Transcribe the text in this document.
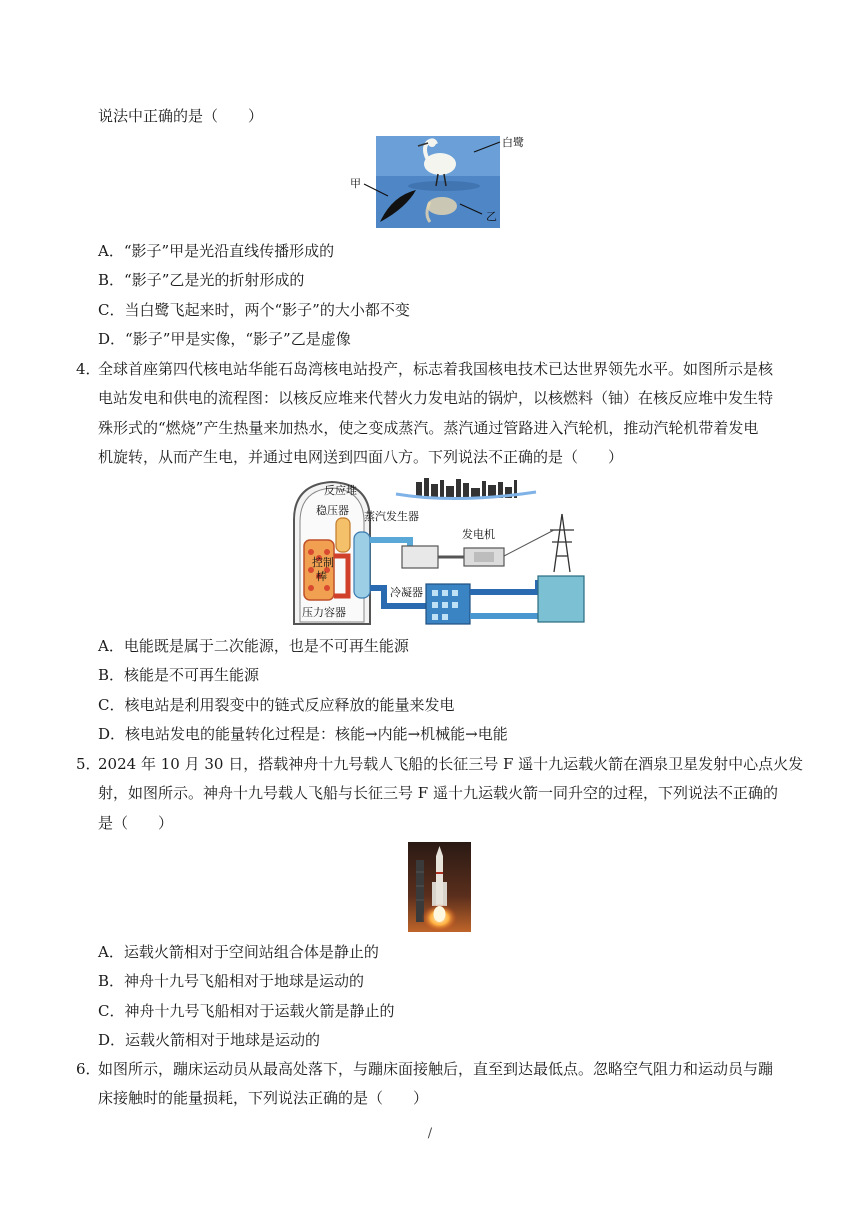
说法中正确的是（　　）
白鹭
甲
乙
A．“影子”甲是光沿直线传播形成的
B．“影子”乙是光的折射形成的
C．当白鹭飞起来时，两个“影子”的大小都不变
D．“影子”甲是实像，“影子”乙是虚像
4．
全球首座第四代核电站华能石岛湾核电站投产，标志着我国核电技术已达世界领先水平。如图所示是核
电站发电和供电的流程图：以核反应堆来代替火力发电站的锅炉，以核燃料（铀）在核反应堆中发生特
殊形式的“燃烧”产生热量来加热水，使之变成蒸汽。蒸汽通过管路进入汽轮机，推动汽轮机带着发电
机旋转，从而产生电，并通过电网送到四面八方。下列说法不正确的是（　　）
反应堆
稳压器 蒸汽发生器
发电机
控制
棒
冷凝器
压力容器
A．电能既是属于二次能源，也是不可再生能源
B．核能是不可再生能源
C．核电站是利用裂变中的链式反应释放的能量来发电
D．核电站发电的能量转化过程是：核能→内能→机械能→电能
5．
2024 年 10 月 30 日，搭载神舟十九号载人飞船的长征三号 F 遥十九运载火箭在酒泉卫星发射中心点火发
射，如图所示。神舟十九号载人飞船与长征三号 F 遥十九运载火箭一同升空的过程，下列说法不正确的
是（　　）
A．运载火箭相对于空间站组合体是静止的
B．神舟十九号飞船相对于地球是运动的
C．神舟十九号飞船相对于运载火箭是静止的
D．运载火箭相对于地球是运动的
6．
如图所示，蹦床运动员从最高处落下，与蹦床面接触后，直至到达最低点。忽略空气阻力和运动员与蹦
床接触时的能量损耗，下列说法正确的是（　　）
/
